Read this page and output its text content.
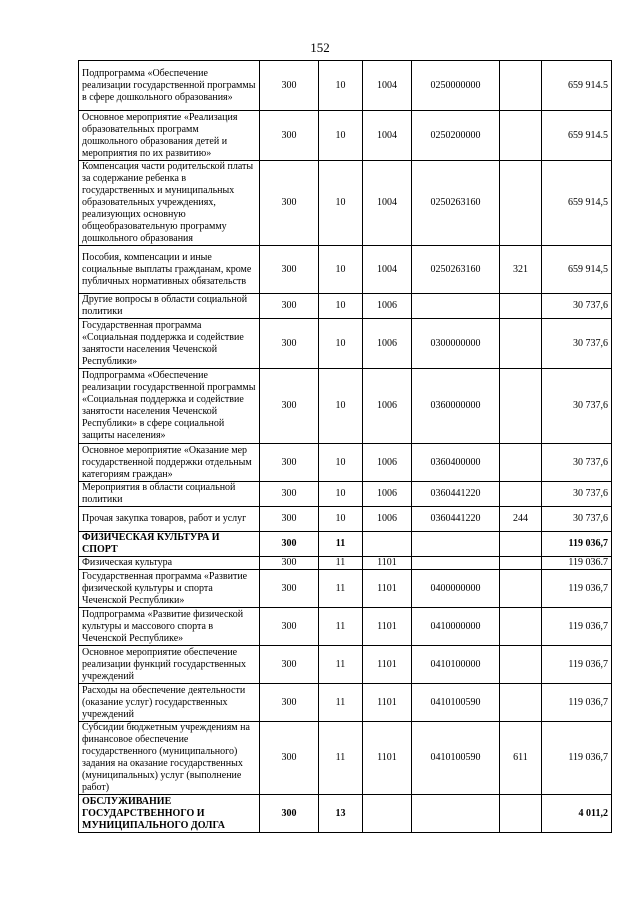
152
Подпрограмма «Обеспечение реализации государственной программы в сфере дошкольного образования»	300	10	1004	0250000000		659 914.5
Основное мероприятие «Реализация образовательных программ дошкольного образования детей и мероприятия по их развитию»	300	10	1004	0250200000		659 914.5
Компенсация части родительской платы за содержание ребенка в государственных и муниципальных образовательных учреждениях, реализующих основную общеобразовательную программу дошкольного образования	300	10	1004	0250263160		659 914,5
Пособия, компенсации и иные социальные выплаты гражданам, кроме публичных нормативных обязательств	300	10	1004	0250263160	321	659 914,5
Другие вопросы в области социальной политики	300	10	1006			30 737,6
Государственная программа «Социальная поддержка и содействие занятости населения Чеченской Республики»	300	10	1006	0300000000		30 737,6
Подпрограмма «Обеспечение реализации государственной программы «Социальная поддержка и содействие занятости населения Чеченской Республики» в сфере социальной защиты населения»	300	10	1006	0360000000		30 737,6
Основное мероприятие «Оказание мер государственной поддержки отдельным категориям граждан»	300	10	1006	0360400000		30 737,6
Мероприятия в области социальной политики	300	10	1006	0360441220		30 737,6
Прочая закупка товаров, работ и услуг	300	10	1006	0360441220	244	30 737,6
ФИЗИЧЕСКАЯ КУЛЬТУРА И СПОРТ	300	11				119 036,7
Физическая культура	300	11	1101			119 036.7
Государственная программа «Развитие физической культуры и спорта Чеченской Республики»	300	11	1101	0400000000		119 036,7
Подпрограмма «Развитие физической культуры и массового спорта в Чеченской Республике»	300	11	1101	0410000000		119 036,7
Основное мероприятие обеспечение реализации функций государственных учреждений	300	11	1101	0410100000		119 036,7
Расходы на обеспечение деятельности (оказание услуг) государственных учреждений	300	11	1101	0410100590		119 036,7
Субсидии бюджетным учреждениям на финансовое обеспечение государственного (муниципального) задания на оказание государственных (муниципальных) услуг (выполнение работ)	300	11	1101	0410100590	611	119 036,7
ОБСЛУЖИВАНИЕ ГОСУДАРСТВЕННОГО И МУНИЦИПАЛЬНОГО ДОЛГА	300	13				4 011,2
